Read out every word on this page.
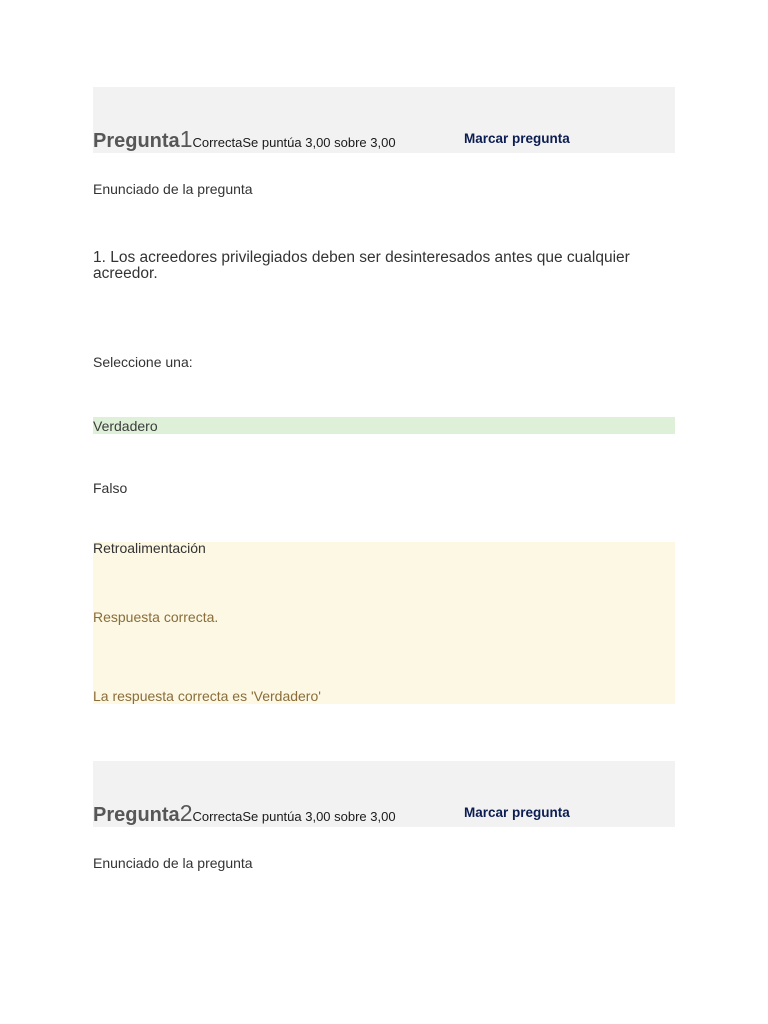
Pregunta 1 Correcta Se puntúa 3,00 sobre 3,00	Marcar pregunta
Enunciado de la pregunta
1. Los acreedores privilegiados deben ser desinteresados antes que cualquier acreedor.
Seleccione una:
Verdadero
Falso
Retroalimentación
Respuesta correcta.
La respuesta correcta es 'Verdadero'
Pregunta 2 Correcta Se puntúa 3,00 sobre 3,00	Marcar pregunta
Enunciado de la pregunta
